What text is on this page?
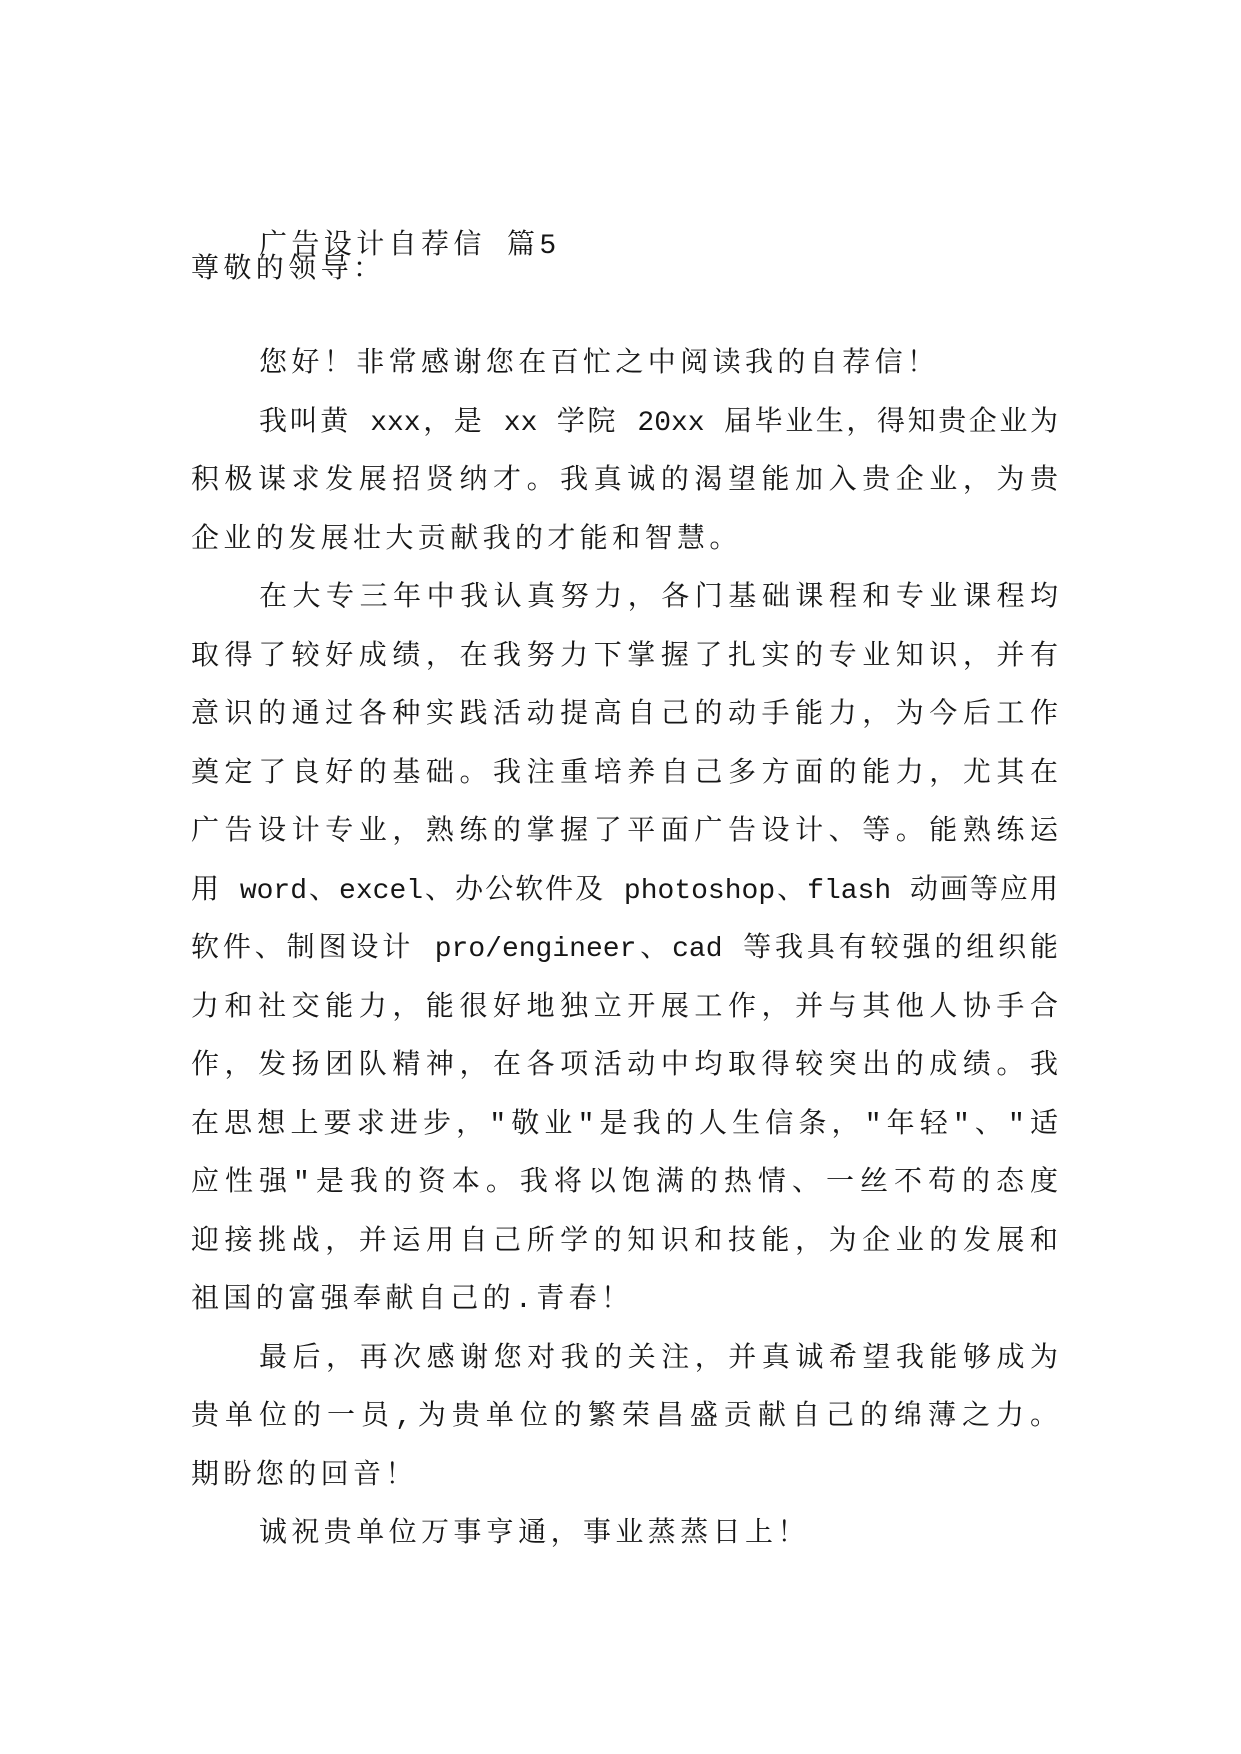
广告设计自荐信 篇5
尊敬的领导：
您好！非常感谢您在百忙之中阅读我的自荐信！
我叫黄 xxx，是 xx 学院 20xx 届毕业生，得知贵企业为
积极谋求发展招贤纳才。我真诚的渴望能加入贵企业，为贵
企业的发展壮大贡献我的才能和智慧。
在大专三年中我认真努力，各门基础课程和专业课程均
取得了较好成绩，在我努力下掌握了扎实的专业知识，并有
意识的通过各种实践活动提高自己的动手能力，为今后工作
奠定了良好的基础。我注重培养自己多方面的能力，尤其在
广告设计专业，熟练的掌握了平面广告设计、等。能熟练运
用 word、excel、办公软件及 photoshop、flash 动画等应用
软件、制图设计 pro/engineer、cad 等我具有较强的组织能
力和社交能力，能很好地独立开展工作，并与其他人协手合
作，发扬团队精神，在各项活动中均取得较突出的成绩。我
在思想上要求进步，"敬业"是我的人生信条，"年轻"、"适
应性强"是我的资本。我将以饱满的热情、一丝不苟的态度
迎接挑战，并运用自己所学的知识和技能，为企业的发展和
祖国的富强奉献自己的.青春！
最后，再次感谢您对我的关注，并真诚希望我能够成为
贵单位的一员,为贵单位的繁荣昌盛贡献自己的绵薄之力。
期盼您的回音！
诚祝贵单位万事亨通，事业蒸蒸日上！
